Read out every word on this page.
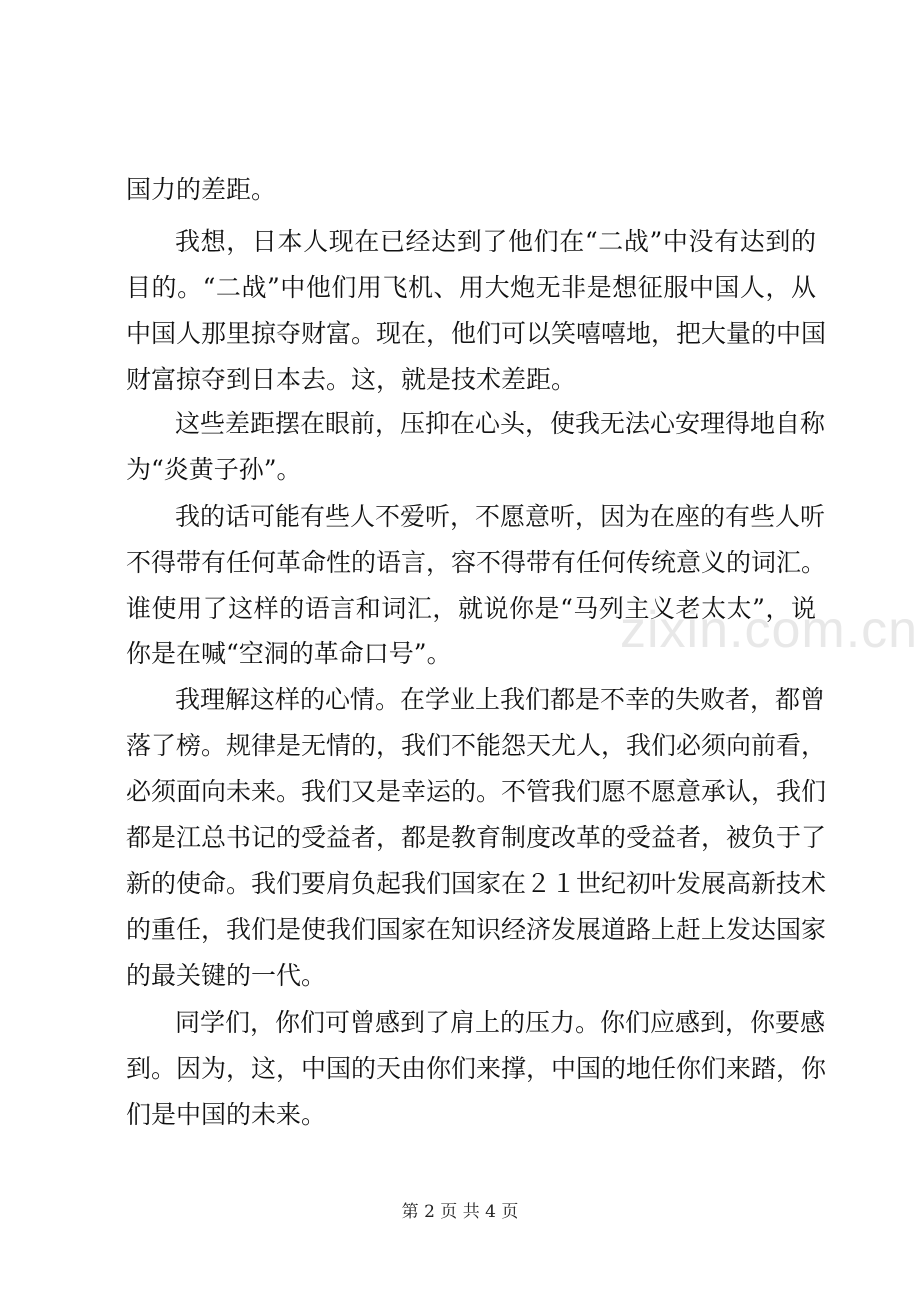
国力的差距。
我想，日本人现在已经达到了他们在“二战”中没有达到的
目的。“二战”中他们用飞机、用大炮无非是想征服中国人，从
中国人那里掠夺财富。现在，他们可以笑嘻嘻地，把大量的中国
财富掠夺到日本去。这，就是技术差距。
这些差距摆在眼前，压抑在心头，使我无法心安理得地自称
为“炎黄子孙”。
我的话可能有些人不爱听，不愿意听，因为在座的有些人听
不得带有任何革命性的语言，容不得带有任何传统意义的词汇。
谁使用了这样的语言和词汇，就说你是“马列主义老太太”，说
你是在喊“空洞的革命口号”。
我理解这样的心情。在学业上我们都是不幸的失败者，都曾
落了榜。规律是无情的，我们不能怨天尤人，我们必须向前看，
必须面向未来。我们又是幸运的。不管我们愿不愿意承认，我们
都是江总书记的受益者，都是教育制度改革的受益者，被负于了
新的使命。我们要肩负起我们国家在２１世纪初叶发展高新技术
的重任，我们是使我们国家在知识经济发展道路上赶上发达国家
的最关键的一代。
同学们，你们可曾感到了肩上的压力。你们应感到，你要感
到。因为，这，中国的天由你们来撑，中国的地任你们来踏，你
们是中国的未来。
zixin.com.cn
第 2 页 共 4 页
